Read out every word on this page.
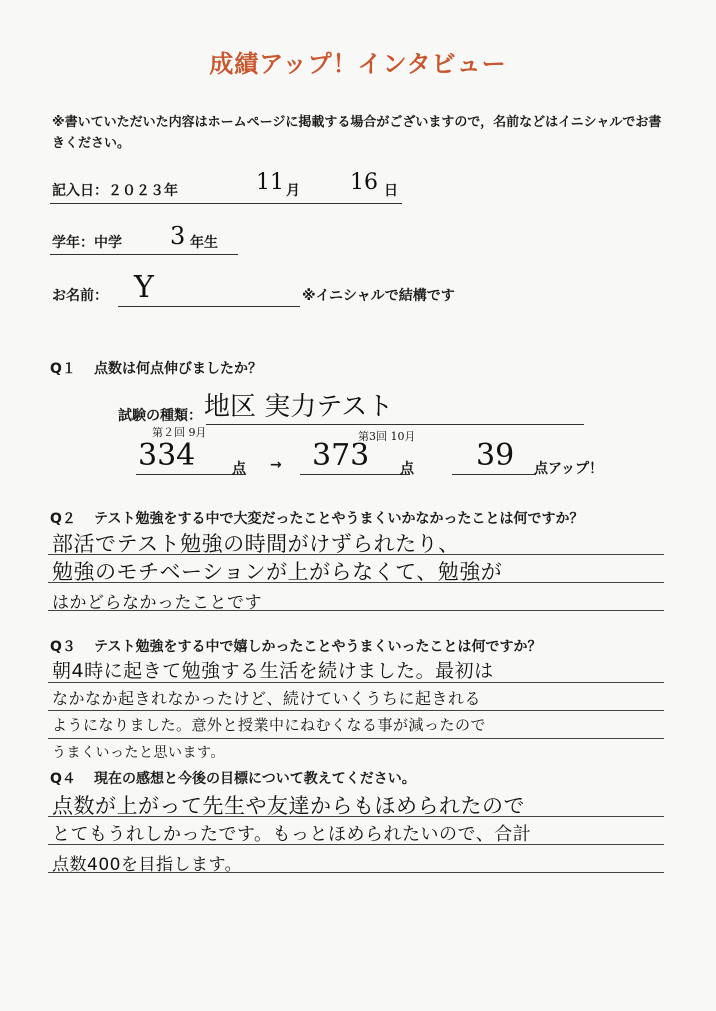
成績アップ！インタビュー
※書いていただいた内容はホームページに掲載する場合がございますので，名前などはイニシャルでお書きください。
記入日：２０２３年	11 月 16 日
学年：中学 3 年生
お名前： Y	※イニシャルで結構です
Q１ 点数は何点伸びましたか？
試験の種類： 地区 実力テスト
第２回 9月
334	点 →
第3回 10月
373 点 39 点アップ！
Q２ テスト勉強をする中で大変だったことやうまくいかなかったことは何ですか？
部活でテスト勉強の時間がけずられたり、
勉強のモチベーションが上がらなくて、勉強が
はかどらなかったことです
Q３ テスト勉強をする中で嬉しかったことやうまくいったことは何ですか？
朝4時に起きて勉強する生活を続けました。最初は
なかなか起きれなかったけど、続けていくうちに起きれる
ようになりました。意外と授業中にねむくなる事が減ったので
うまくいったと思います。
Q４ 現在の感想と今後の目標について教えてください。
点数が上がって先生や友達からもほめられたので
とてもうれしかったです。もっとほめられたいので、合計
点数400を目指します。
